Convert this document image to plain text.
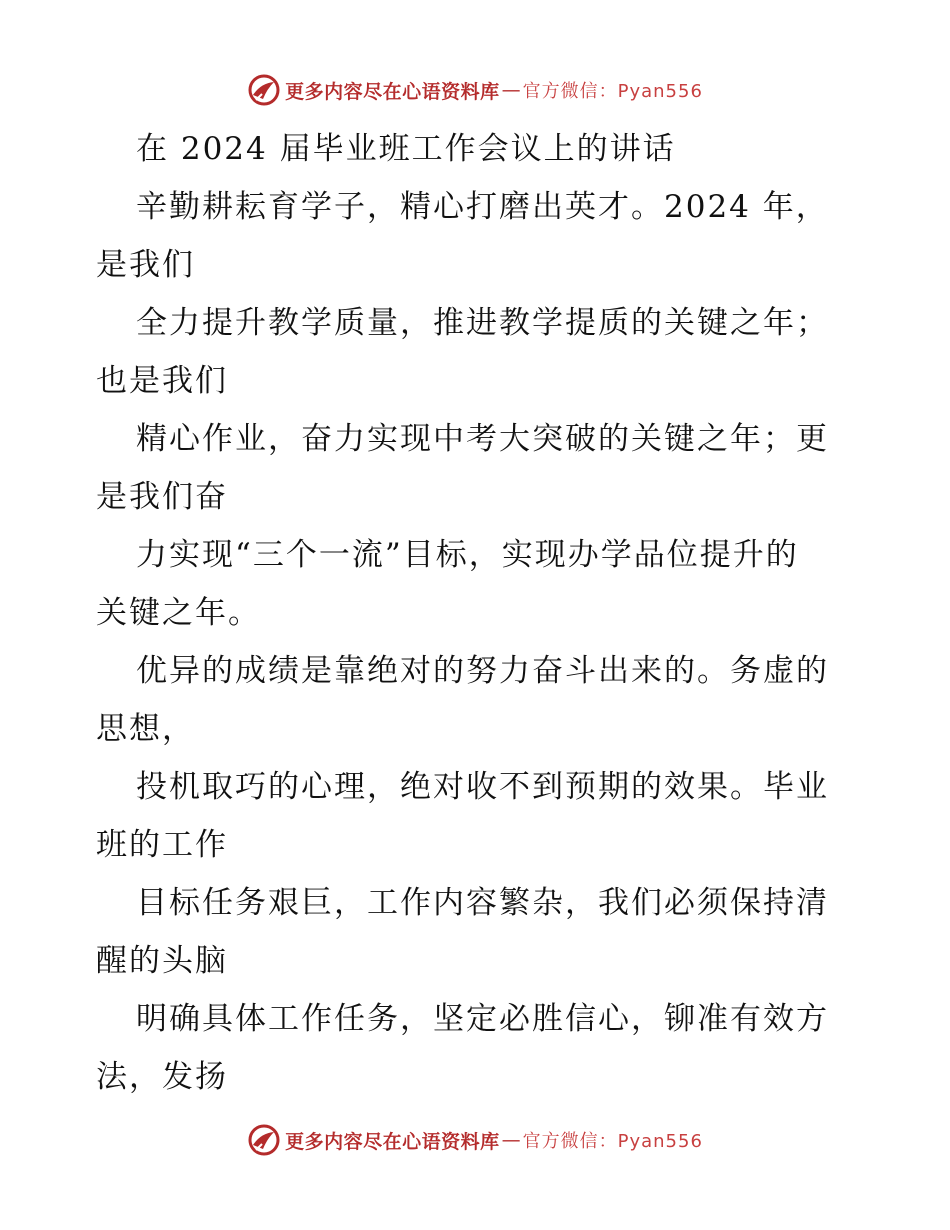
更多内容尽在心语资料库 — 官方微信：Pyan556
在 2024 届毕业班工作会议上的讲话
辛勤耕耘育学子，精心打磨出英才。2024 年，
是我们
全力提升教学质量，推进教学提质的关键之年；
也是我们
精心作业，奋力实现中考大突破的关键之年；更
是我们奋
力实现“三个一流”目标，实现办学品位提升的
关键之年。
优异的成绩是靠绝对的努力奋斗出来的。务虚的
思想，
投机取巧的心理，绝对收不到预期的效果。毕业
班的工作
目标任务艰巨，工作内容繁杂，我们必须保持清
醒的头脑
明确具体工作任务，坚定必胜信心，铆准有效方
法，发扬
更多内容尽在心语资料库 — 官方微信：Pyan556
